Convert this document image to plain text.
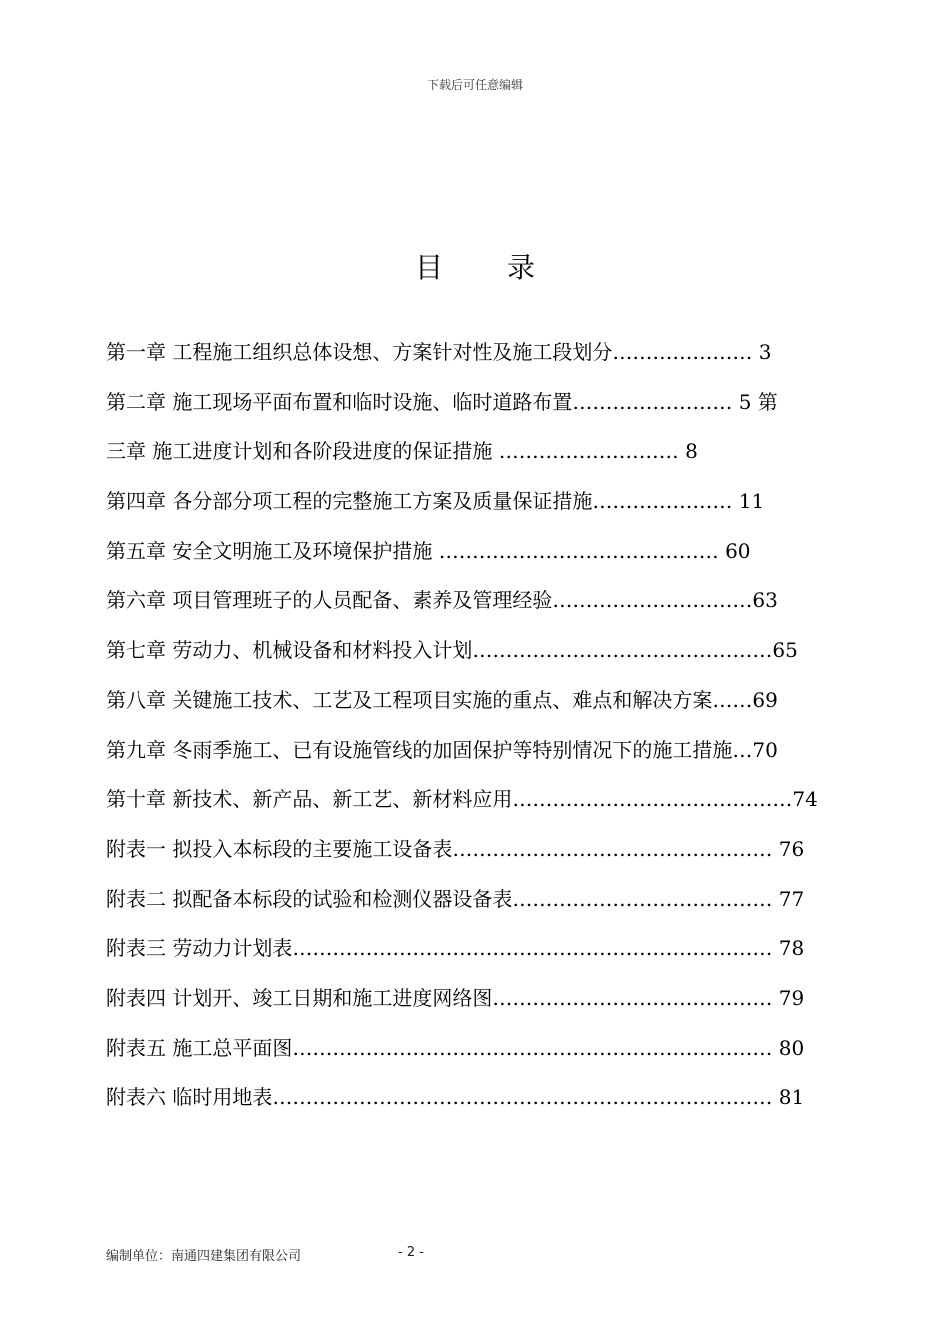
下载后可任意编辑
目 录
第一章 工程施工组织总体设想、方案针对性及施工段划分………………… 3
第二章 施工现场平面布置和临时设施、临时道路布置…………………… 5 第
三章 施工进度计划和各阶段进度的保证措施 ……………………… 8
第四章 各分部分项工程的完整施工方案及质量保证措施………………… 11
第五章 安全文明施工及环境保护措施 …………………………………… 60
第六章 项目管理班子的人员配备、素养及管理经验…………………………63
第七章 劳动力、机械设备和材料投入计划………………………………………65
第八章 关键施工技术、工艺及工程项目实施的重点、难点和解决方案……69
第九章 冬雨季施工、已有设施管线的加固保护等特别情况下的施工措施…70
第十章 新技术、新产品、新工艺、新材料应用……………………………………74
附表一 拟投入本标段的主要施工设备表………………………………………… 76
附表二 拟配备本标段的试验和检测仪器设备表………………………………… 77
附表三 劳动力计划表……………………………………………………………… 78
附表四 计划开、竣工日期和施工进度网络图…………………………………… 79
附表五 施工总平面图……………………………………………………………… 80
附表六 临时用地表………………………………………………………………… 81
编制单位：南通四建集团有限公司	- 2 -
